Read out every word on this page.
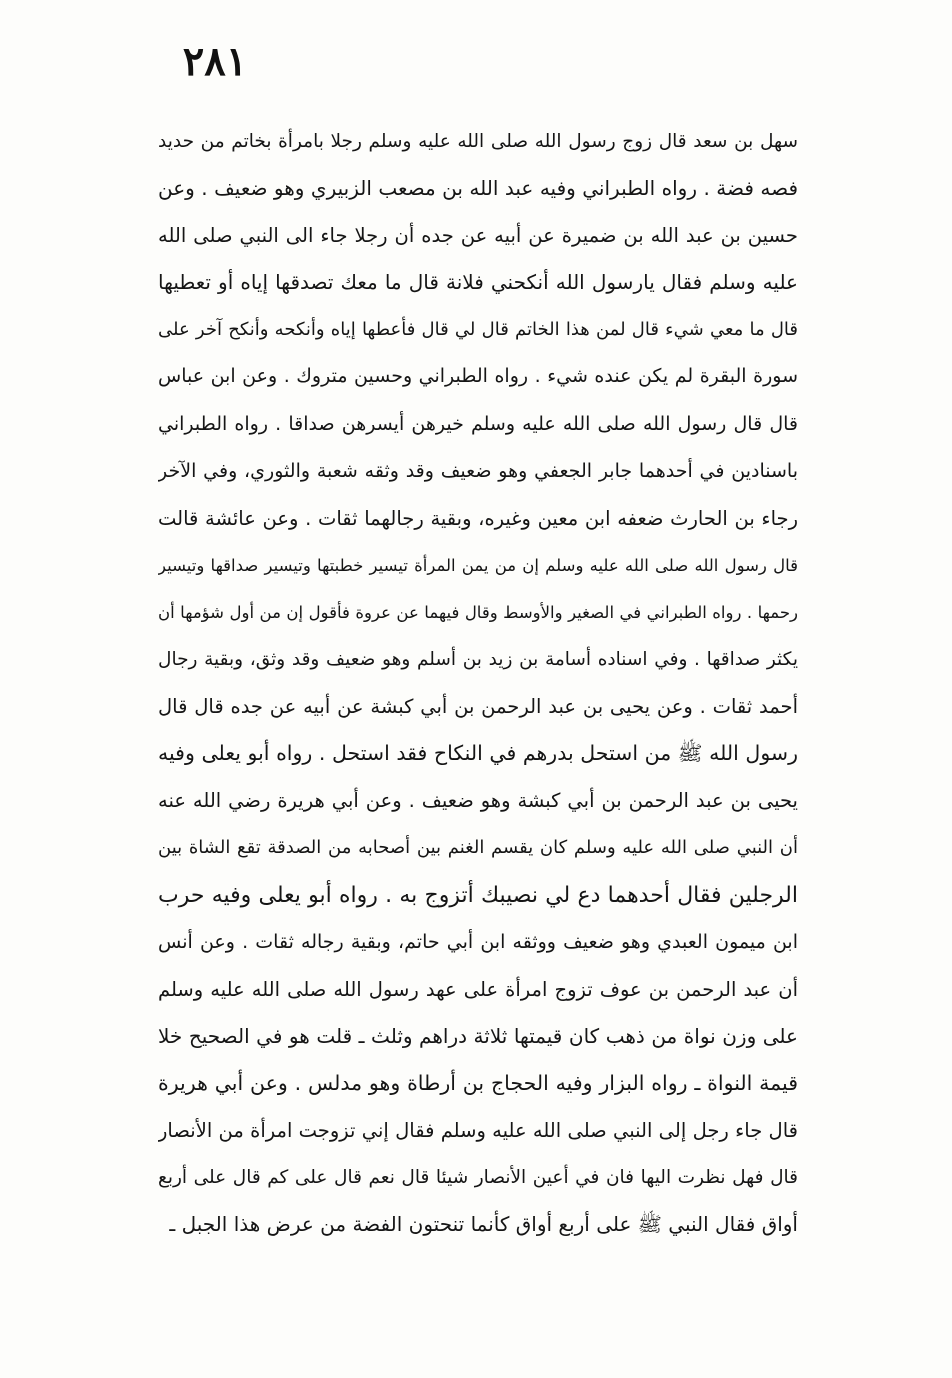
٢٨١
سهل بن سعد قال زوج رسول الله صلى الله عليه وسلم رجلا بامرأة بخاتم من حديد
فصه فضة . رواه الطبراني وفيه عبد الله بن مصعب الزبيري وهو ضعيف . وعن
حسين بن عبد الله بن ضميرة عن أبيه عن جده أن رجلا جاء الى النبي صلى الله
عليه وسلم فقال يارسول الله أنكحني فلانة قال ما معك تصدقها إياه أو تعطيها
قال ما معي شيء قال لمن هذا الخاتم قال لي قال فأعطها إياه وأنكحه وأنكح آخر على
سورة البقرة لم يكن عنده شيء . رواه الطبراني وحسين متروك . وعن ابن عباس
قال قال رسول الله صلى الله عليه وسلم خيرهن أيسرهن صداقا . رواه الطبراني
باسنادين في أحدهما جابر الجعفي وهو ضعيف وقد وثقه شعبة والثوري، وفي الآخر
رجاء بن الحارث ضعفه ابن معين وغيره، وبقية رجالهما ثقات . وعن عائشة قالت
قال رسول الله صلى الله عليه وسلم إن من يمن المرأة تيسير خطبتها وتيسير صداقها وتيسير
رحمها . رواه الطبراني في الصغير والأوسط وقال فيهما عن عروة فأقول إن من أول شؤمها أن
يكثر صداقها . وفي اسناده أسامة بن زيد بن أسلم وهو ضعيف وقد وثق، وبقية رجال
أحمد ثقات . وعن يحيى بن عبد الرحمن بن أبي كبشة عن أبيه عن جده قال قال
رسول الله ﷺ من استحل بدرهم في النكاح فقد استحل . رواه أبو يعلى وفيه
يحيى بن عبد الرحمن بن أبي كبشة وهو ضعيف . وعن أبي هريرة رضي الله عنه
أن النبي صلى الله عليه وسلم كان يقسم الغنم بين أصحابه من الصدقة تقع الشاة بين
الرجلين فقال أحدهما دع لي نصيبك أتزوج به . رواه أبو يعلى وفيه حرب
ابن ميمون العبدي وهو ضعيف ووثقه ابن أبي حاتم، وبقية رجاله ثقات . وعن أنس
أن عبد الرحمن بن عوف تزوج امرأة على عهد رسول الله صلى الله عليه وسلم
على وزن نواة من ذهب كان قيمتها ثلاثة دراهم وثلث ـ قلت هو في الصحيح خلا
قيمة النواة ـ رواه البزار وفيه الحجاج بن أرطاة وهو مدلس . وعن أبي هريرة
قال جاء رجل إلى النبي صلى الله عليه وسلم فقال إني تزوجت امرأة من الأنصار
قال فهل نظرت اليها فان في أعين الأنصار شيئا قال نعم قال على كم قال على أربع
أواق فقال النبي ﷺ على أربع أواق كأنما تنحتون الفضة من عرض هذا الجبل ـ
